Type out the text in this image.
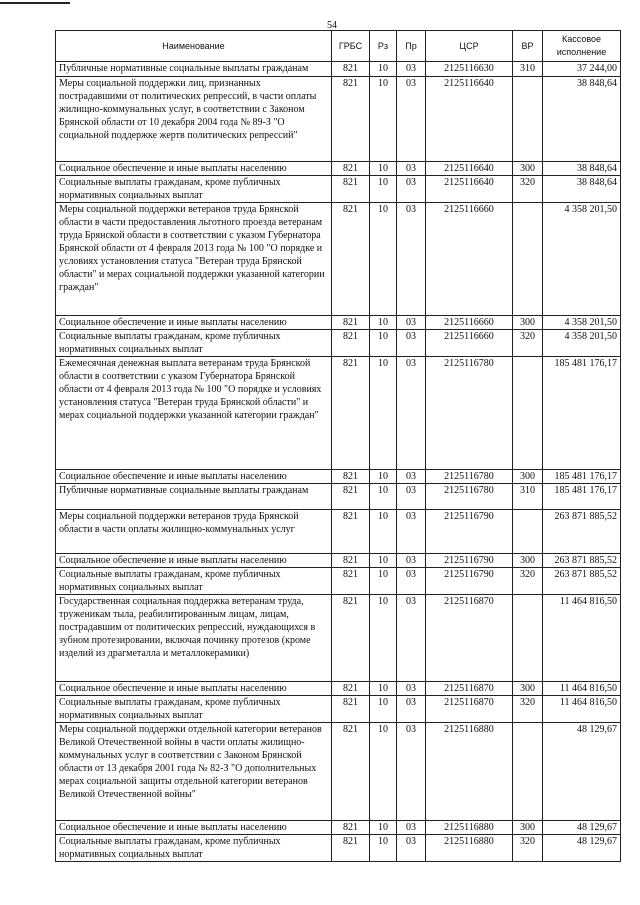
54
Наименование	ГРБС	Рз	Пр	ЦСР	ВР	Кассовое исполнение
Публичные нормативные социальные выплаты гражданам	821	10	03	2125116630	310	37 244,00
Меры социальной поддержки лиц, признанных пострадавшими от политических репрессий, в части оплаты жилищно-коммунальных услуг, в соответствии с Законом Брянской области от 10 декабря 2004 года № 89-З "О социальной поддержке жертв политических репрессий"	821	10	03	2125116640		38 848,64
Социальное обеспечение и иные выплаты населению	821	10	03	2125116640	300	38 848,64
Социальные выплаты гражданам, кроме публичных нормативных социальных выплат	821	10	03	2125116640	320	38 848,64
Меры социальной поддержки ветеранов труда Брянской области в части предоставления льготного проезда ветеранам труда Брянской области в соответствии с указом Губернатора Брянской области от 4 февраля 2013 года № 100 "О порядке и условиях установления статуса "Ветеран труда Брянской области" и мерах социальной поддержки указанной категории граждан"	821	10	03	2125116660		4 358 201,50
Социальное обеспечение и иные выплаты населению	821	10	03	2125116660	300	4 358 201,50
Социальные выплаты гражданам, кроме публичных нормативных социальных выплат	821	10	03	2125116660	320	4 358 201,50
Ежемесячная денежная выплата ветеранам труда Брянской области в соответствии с указом Губернатора Брянской области от 4 февраля 2013 года № 100 "О порядке и условиях установления статуса "Ветеран труда Брянской области" и мерах социальной поддержки указанной категории граждан"	821	10	03	2125116780		185 481 176,17
Социальное обеспечение и иные выплаты населению	821	10	03	2125116780	300	185 481 176,17
Публичные нормативные социальные выплаты гражданам	821	10	03	2125116780	310	185 481 176,17
Меры социальной поддержки ветеранов труда Брянской области в части оплаты жилищно-коммунальных услуг	821	10	03	2125116790		263 871 885,52
Социальное обеспечение и иные выплаты населению	821	10	03	2125116790	300	263 871 885,52
Социальные выплаты гражданам, кроме публичных нормативных социальных выплат	821	10	03	2125116790	320	263 871 885,52
Государственная социальная поддержка ветеранам труда, труженикам тыла, реабилитированным лицам, лицам, пострадавшим от политических репрессий, нуждающихся в зубном протезировании, включая починку протезов (кроме изделий из драгметалла и металлокерамики)	821	10	03	2125116870		11 464 816,50
Социальное обеспечение и иные выплаты населению	821	10	03	2125116870	300	11 464 816,50
Социальные выплаты гражданам, кроме публичных нормативных социальных выплат	821	10	03	2125116870	320	11 464 816,50
Меры социальной поддержки отдельной категории ветеранов Великой Отечественной войны в части оплаты жилищно-коммунальных услуг в соответствии с Законом Брянской области от 13 декабря 2001 года № 82-З "О дополнительных мерах социальной защиты отдельной категории ветеранов Великой Отечественной войны"	821	10	03	2125116880		48 129,67
Социальное обеспечение и иные выплаты населению	821	10	03	2125116880	300	48 129,67
Социальные выплаты гражданам, кроме публичных нормативных социальных выплат	821	10	03	2125116880	320	48 129,67
